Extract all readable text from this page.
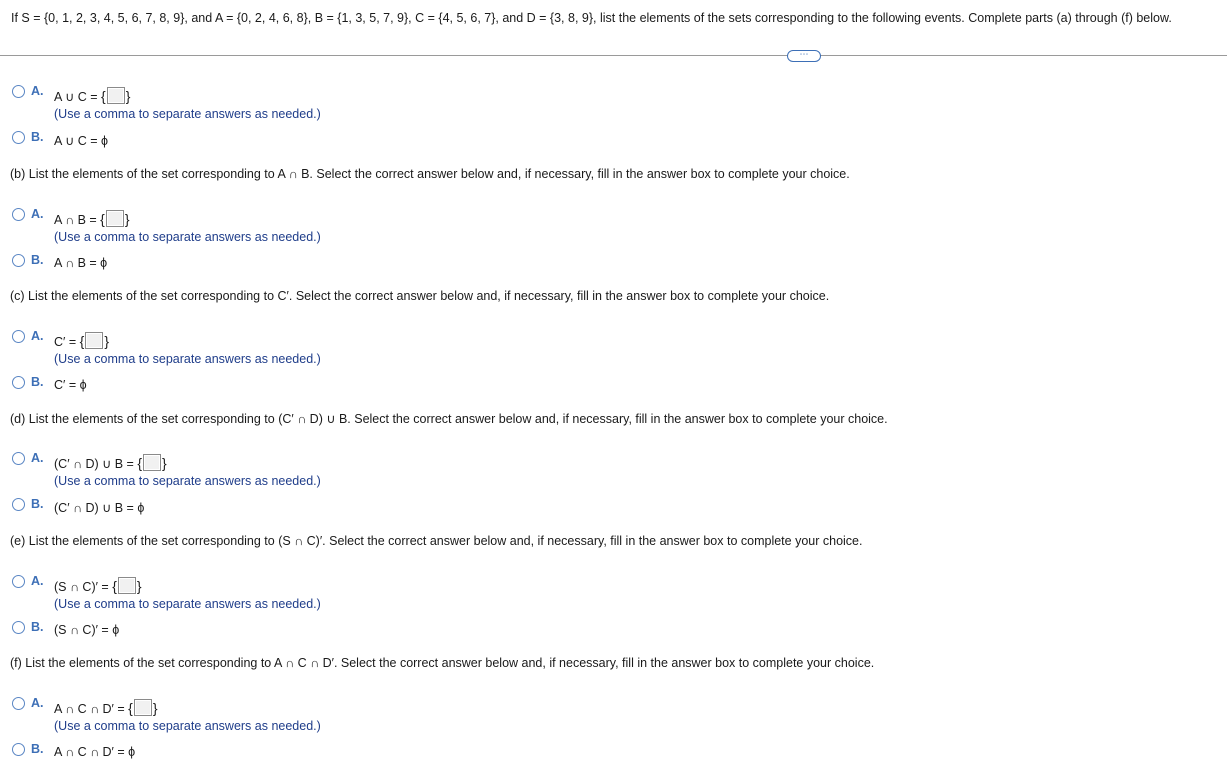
If S = {0, 1, 2, 3, 4, 5, 6, 7, 8, 9}, and A = {0, 2, 4, 6, 8}, B = {1, 3, 5, 7, 9}, C = {4, 5, 6, 7}, and D = {3, 8, 9}, list the elements of the sets corresponding to the following events. Complete parts (a) through (f) below.
⋯
A. A ∪ C = { }
(Use a comma to separate answers as needed.)
B. A ∪ C = ϕ
(b) List the elements of the set corresponding to A ∩ B. Select the correct answer below and, if necessary, fill in the answer box to complete your choice.
A. A ∩ B = { }
(Use a comma to separate answers as needed.)
B. A ∩ B = ϕ
(c) List the elements of the set corresponding to C′. Select the correct answer below and, if necessary, fill in the answer box to complete your choice.
A. C′ = { }
(Use a comma to separate answers as needed.)
B. C′ = ϕ
(d) List the elements of the set corresponding to (C′ ∩ D) ∪ B. Select the correct answer below and, if necessary, fill in the answer box to complete your choice.
A. (C′ ∩ D) ∪ B = { }
(Use a comma to separate answers as needed.)
B. (C′ ∩ D) ∪ B = ϕ
(e) List the elements of the set corresponding to (S ∩ C)′. Select the correct answer below and, if necessary, fill in the answer box to complete your choice.
A. (S ∩ C)′ = { }
(Use a comma to separate answers as needed.)
B. (S ∩ C)′ = ϕ
(f) List the elements of the set corresponding to A ∩ C ∩ D′. Select the correct answer below and, if necessary, fill in the answer box to complete your choice.
A. A ∩ C ∩ D′ = { }
(Use a comma to separate answers as needed.)
B. A ∩ C ∩ D′ = ϕ
